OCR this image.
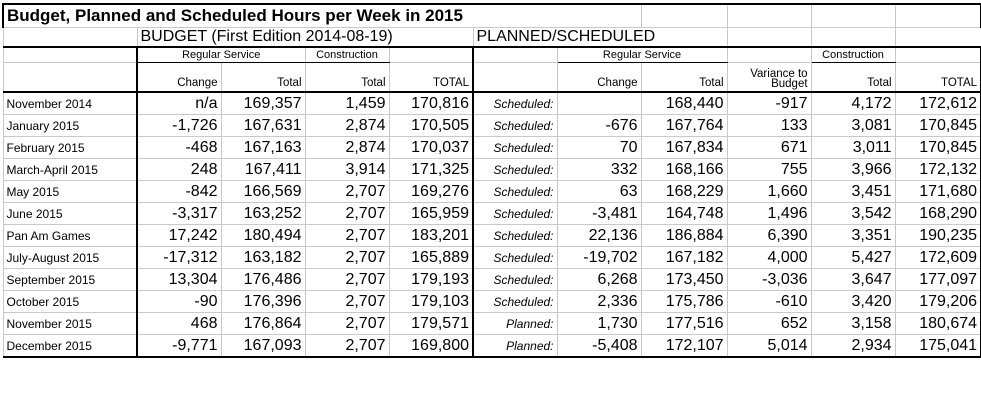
Budget, Planned and Scheduled Hours per Week in 2015										
	BUDGET (First Edition 2014-08-19)				PLANNED/SCHEDULED					
	Regular Service		Construction			Regular Service			Construction	
	Change	Total	Total	TOTAL		Change	Total	Variance to Budget	Total	TOTAL
November 2014	n/a	169,357	1,459	170,816	Scheduled:		168,440	-917	4,172	172,612
January 2015	-1,726	167,631	2,874	170,505	Scheduled:	-676	167,764	133	3,081	170,845
February 2015	-468	167,163	2,874	170,037	Scheduled:	70	167,834	671	3,011	170,845
March-April 2015	248	167,411	3,914	171,325	Scheduled:	332	168,166	755	3,966	172,132
May 2015	-842	166,569	2,707	169,276	Scheduled:	63	168,229	1,660	3,451	171,680
June 2015	-3,317	163,252	2,707	165,959	Scheduled:	-3,481	164,748	1,496	3,542	168,290
Pan Am Games	17,242	180,494	2,707	183,201	Scheduled:	22,136	186,884	6,390	3,351	190,235
July-August 2015	-17,312	163,182	2,707	165,889	Scheduled:	-19,702	167,182	4,000	5,427	172,609
September 2015	13,304	176,486	2,707	179,193	Scheduled:	6,268	173,450	-3,036	3,647	177,097
October 2015	-90	176,396	2,707	179,103	Scheduled:	2,336	175,786	-610	3,420	179,206
November 2015	468	176,864	2,707	179,571	Planned:	1,730	177,516	652	3,158	180,674
December 2015	-9,771	167,093	2,707	169,800	Planned:	-5,408	172,107	5,014	2,934	175,041
